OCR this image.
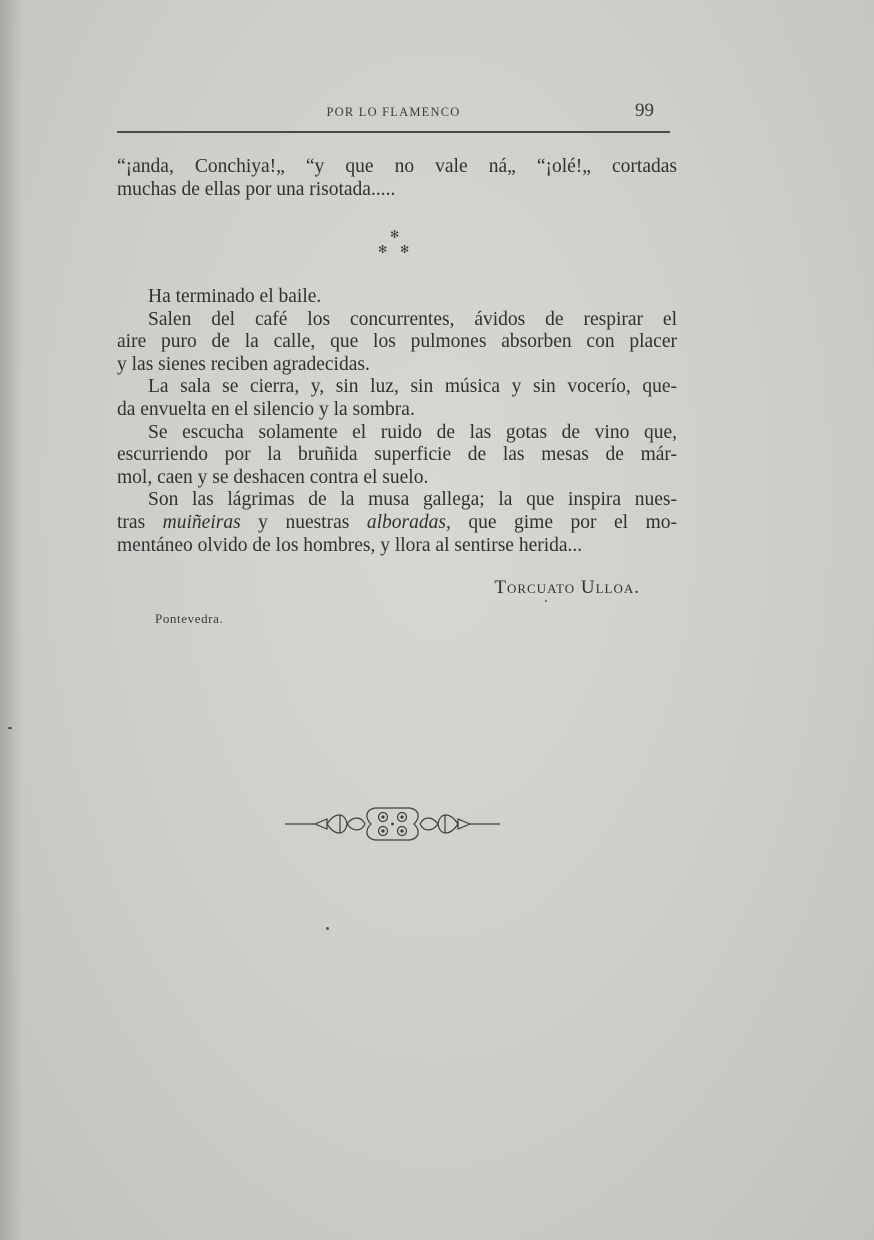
POR LO FLAMENCO	99
“¡anda, Conchiya!„ “y que no vale ná„ “¡olé!„ cortadas
muchas de ellas por una risotada.....
✻
✻ ✻
Ha terminado el baile.
Salen del café los concurrentes, ávidos de respirar el
aire puro de la calle, que los pulmones absorben con placer
y las sienes reciben agradecidas.
La sala se cierra, y, sin luz, sin música y sin vocerío, que-
da envuelta en el silencio y la sombra.
Se escucha solamente el ruido de las gotas de vino que,
escurriendo por la bruñida superficie de las mesas de már-
mol, caen y se deshacen contra el suelo.
Son las lágrimas de la musa gallega; la que inspira nues-
tras muiñeiras y nuestras alboradas, que gime por el mo-
mentáneo olvido de los hombres, y llora al sentirse herida...
Torcuato Ulloa.
Pontevedra.
